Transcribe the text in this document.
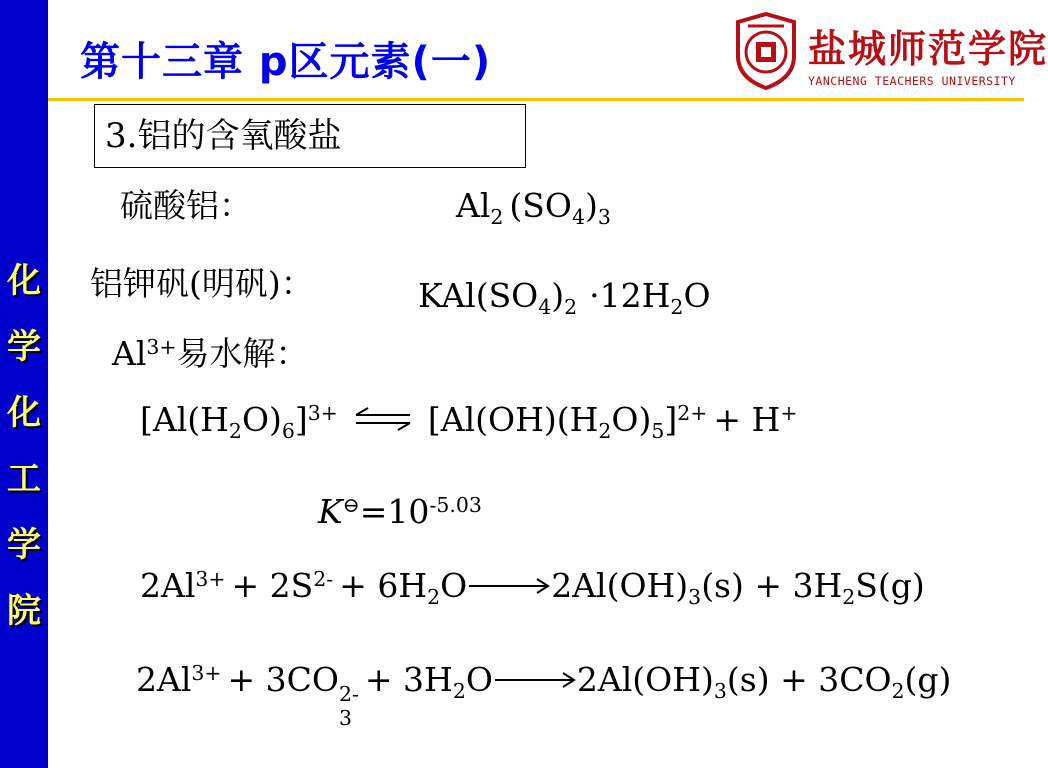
化
学
化
工
学
院
第十三章 p区元素(一)	盐城师范学院
YANCHENG TEACHERS UNIVERSITY
3.铝的含氧酸盐
硫酸铝：	$Al_2$ $(SO_4)_3$
铝钾矾(明矾)：	$KAl(SO_4)_2 \cdot 12H_2O$
$Al^{3+}$易水解：
$[Al(H_2O)_6]^{3+}$ ⇌ $[Al(OH)(H_2O)_5]^{2+} + H^+$
$K^⊖=10^{-5.03}$
$2Al^{3+} + 2S^{2-} + 6H_2O\to 2Al(OH)_3(s) + 3H_2S(g)$
$2Al^{3+} + 3CO$ 2-
3
+ $3H_2O\to 2Al(OH)_3(s) + 3CO_2(g)$
